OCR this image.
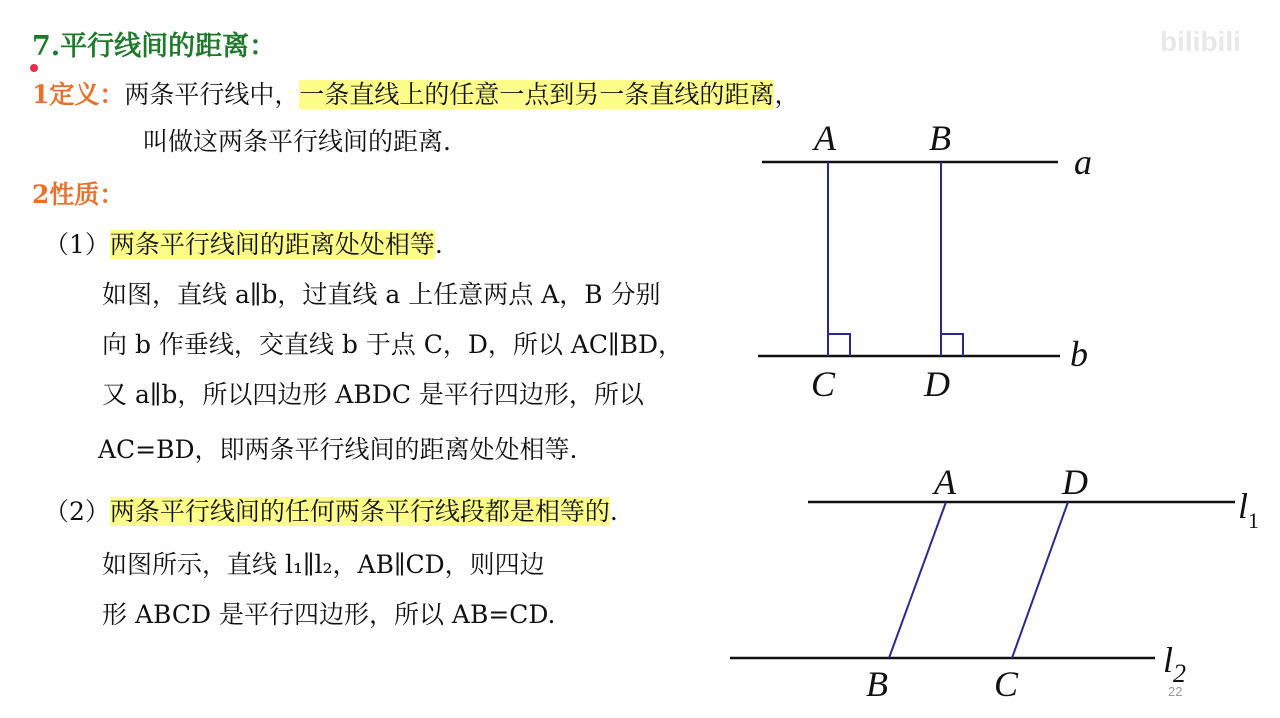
bilibili
7.平行线间的距离：
1定义：两条平行线中，一条直线上的任意一点到另一条直线的距离，
叫做这两条平行线间的距离.
2性质：
（1）两条平行线间的距离处处相等.
如图，直线 a∥b，过直线 a 上任意两点 A，B 分别
向 b 作垂线，交直线 b 于点 C，D，所以 AC∥BD，
又 a∥b，所以四边形 ABDC 是平行四边形，所以
AC=BD，即两条平行线间的距离处处相等.
（2）两条平行线间的任何两条平行线段都是相等的.
如图所示，直线 l₁∥l₂，AB∥CD，则四边
形 ABCD 是平行四边形，所以 AB=CD.
A	B
C D
a
b
A	D
B	C
$l_1$
$l_2$
22
